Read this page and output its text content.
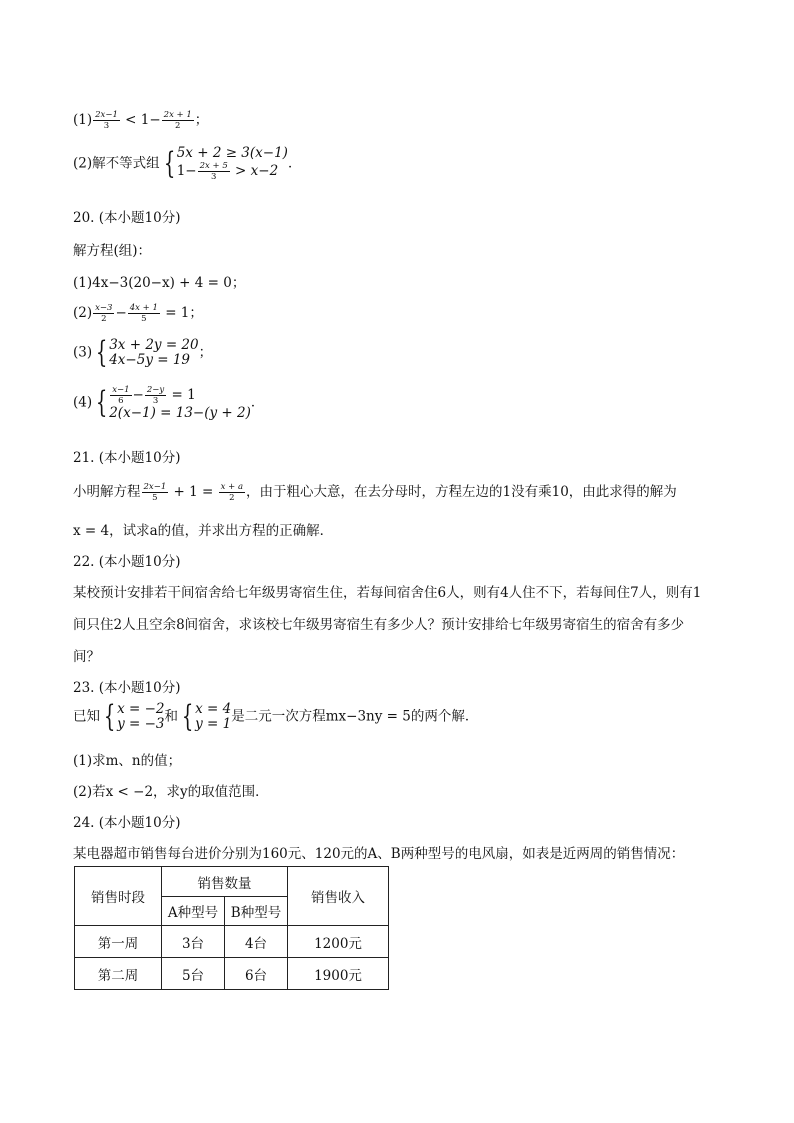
$(1) \frac{2x-1}{3} < 1- \frac{2x + 1}{2}$ ；
(2)解不等式组 { 5x + 2 ≥ 3(x−1)
$1- \frac{2x + 5}{3} > x-2$ ．
20. (本小题10分)
解方程(组)：
(1)4x−3(20−x) + 4 = 0；
$(2) \frac{x-3}{2} - \frac{4x + 1}{5} = 1$；
(3) { 3x + 2y = 20
4x−5y = 19 ；
(4) { $\frac{x-1}{6} - \frac{2-y}{3} = 1$
2(x−1) = 13−(y + 2)
．
21. (本小题10分)
小明解方程 $\frac{2x-1}{5} + 1 = \frac{x + a}{2}$ ，由于粗心大意，在去分母时，方程左边的1没有乘10，由此求得的解为
x = 4，试求a的值，并求出方程的正确解．
22. (本小题10分)
某校预计安排若干间宿舍给七年级男寄宿生住，若每间宿舍住6人，则有4人住不下，若每间住7人，则有1
间只住2人且空余8间宿舍，求该校七年级男寄宿生有多少人？预计安排给七年级男寄宿生的宿舍有多少
间？
23. (本小题10分)
已知 { x = −2
y = −3 和 { x = 4
y = 1 是二元一次方程mx−3ny = 5的两个解．
(1)求m、n的值；
(2)若x < −2，求y的取值范围．
24. (本小题10分)
某电器超市销售每台进价分别为160元、120元的A、B两种型号的电风扇，如表是近两周的销售情况：
销售时段	销售数量		销售收入
	A种型号	B种型号	
第一周	3台	4台	1200元
第二周	5台	6台	1900元
